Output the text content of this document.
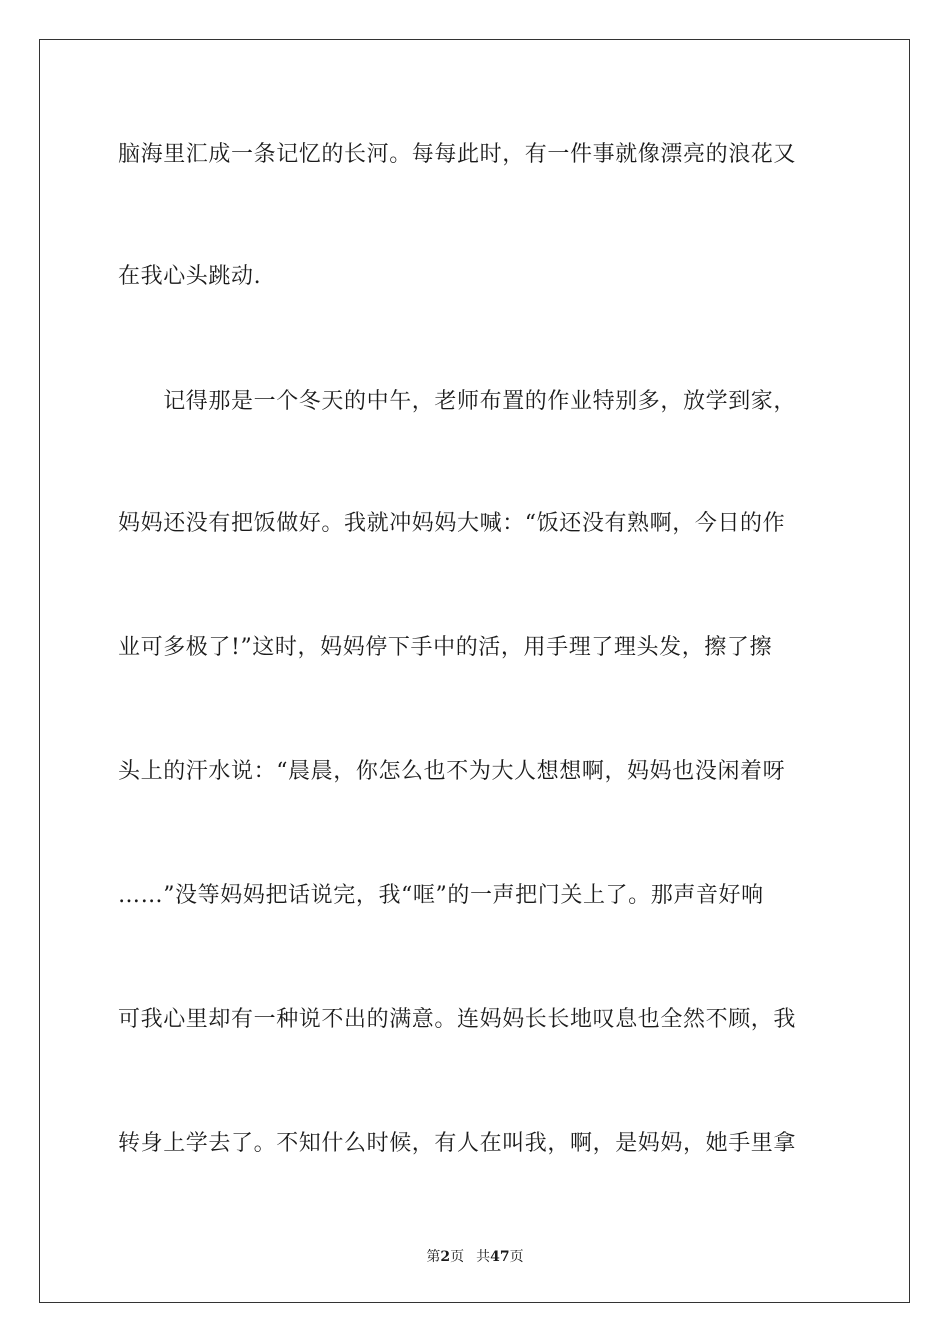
脑海里汇成一条记忆的长河。每每此时，有一件事就像漂亮的浪花又
在我心头跳动.
　　记得那是一个冬天的中午，老师布置的作业特别多，放学到家，
妈妈还没有把饭做好。我就冲妈妈大喊：“饭还没有熟啊，今日的作
业可多极了!”这时，妈妈停下手中的活，用手理了理头发，擦了擦
头上的汗水说：“晨晨，你怎么也不为大人想想啊，妈妈也没闲着呀
……”没等妈妈把话说完，我“哐”的一声把门关上了。那声音好响
可我心里却有一种说不出的满意。连妈妈长长地叹息也全然不顾，我
转身上学去了。不知什么时候，有人在叫我，啊，是妈妈，她手里拿
第2页 共47页
